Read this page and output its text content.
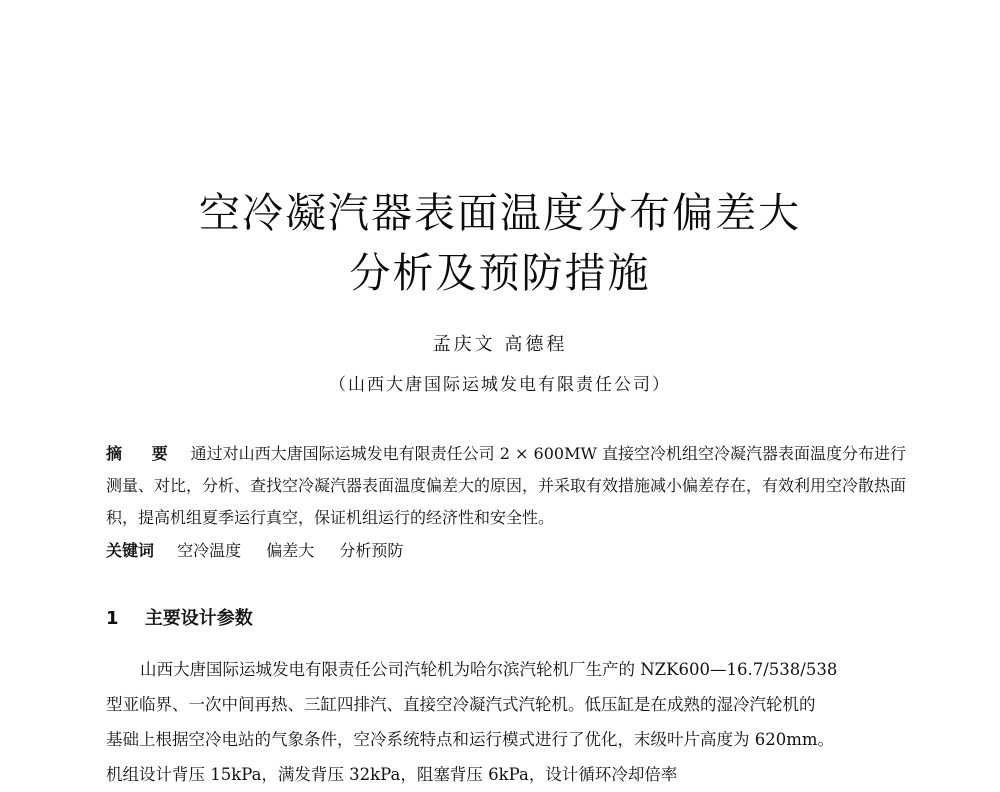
空冷凝汽器表面温度分布偏差大
分析及预防措施
孟庆文 高德程
（山西大唐国际运城发电有限责任公司）
摘 要 通过对山西大唐国际运城发电有限责任公司 2 × 600MW 直接空冷机组空冷凝汽器表面温度分布进行测量、对比，分析、查找空冷凝汽器表面温度偏差大的原因，并采取有效措施减小偏差存在，有效利用空冷散热面积，提高机组夏季运行真空，保证机组运行的经济性和安全性。
关键词 空冷温度 偏差大 分析预防
1 主要设计参数
山西大唐国际运城发电有限责任公司汽轮机为哈尔滨汽轮机厂生产的 NZK600—16.7/538/538
型亚临界、一次中间再热、三缸四排汽、直接空冷凝汽式汽轮机。低压缸是在成熟的湿冷汽轮机的
基础上根据空冷电站的气象条件，空冷系统特点和运行模式进行了优化，末级叶片高度为 620mm。
机组设计背压 15kPa，满发背压 32kPa，阻塞背压 6kPa，设计循环冷却倍率
